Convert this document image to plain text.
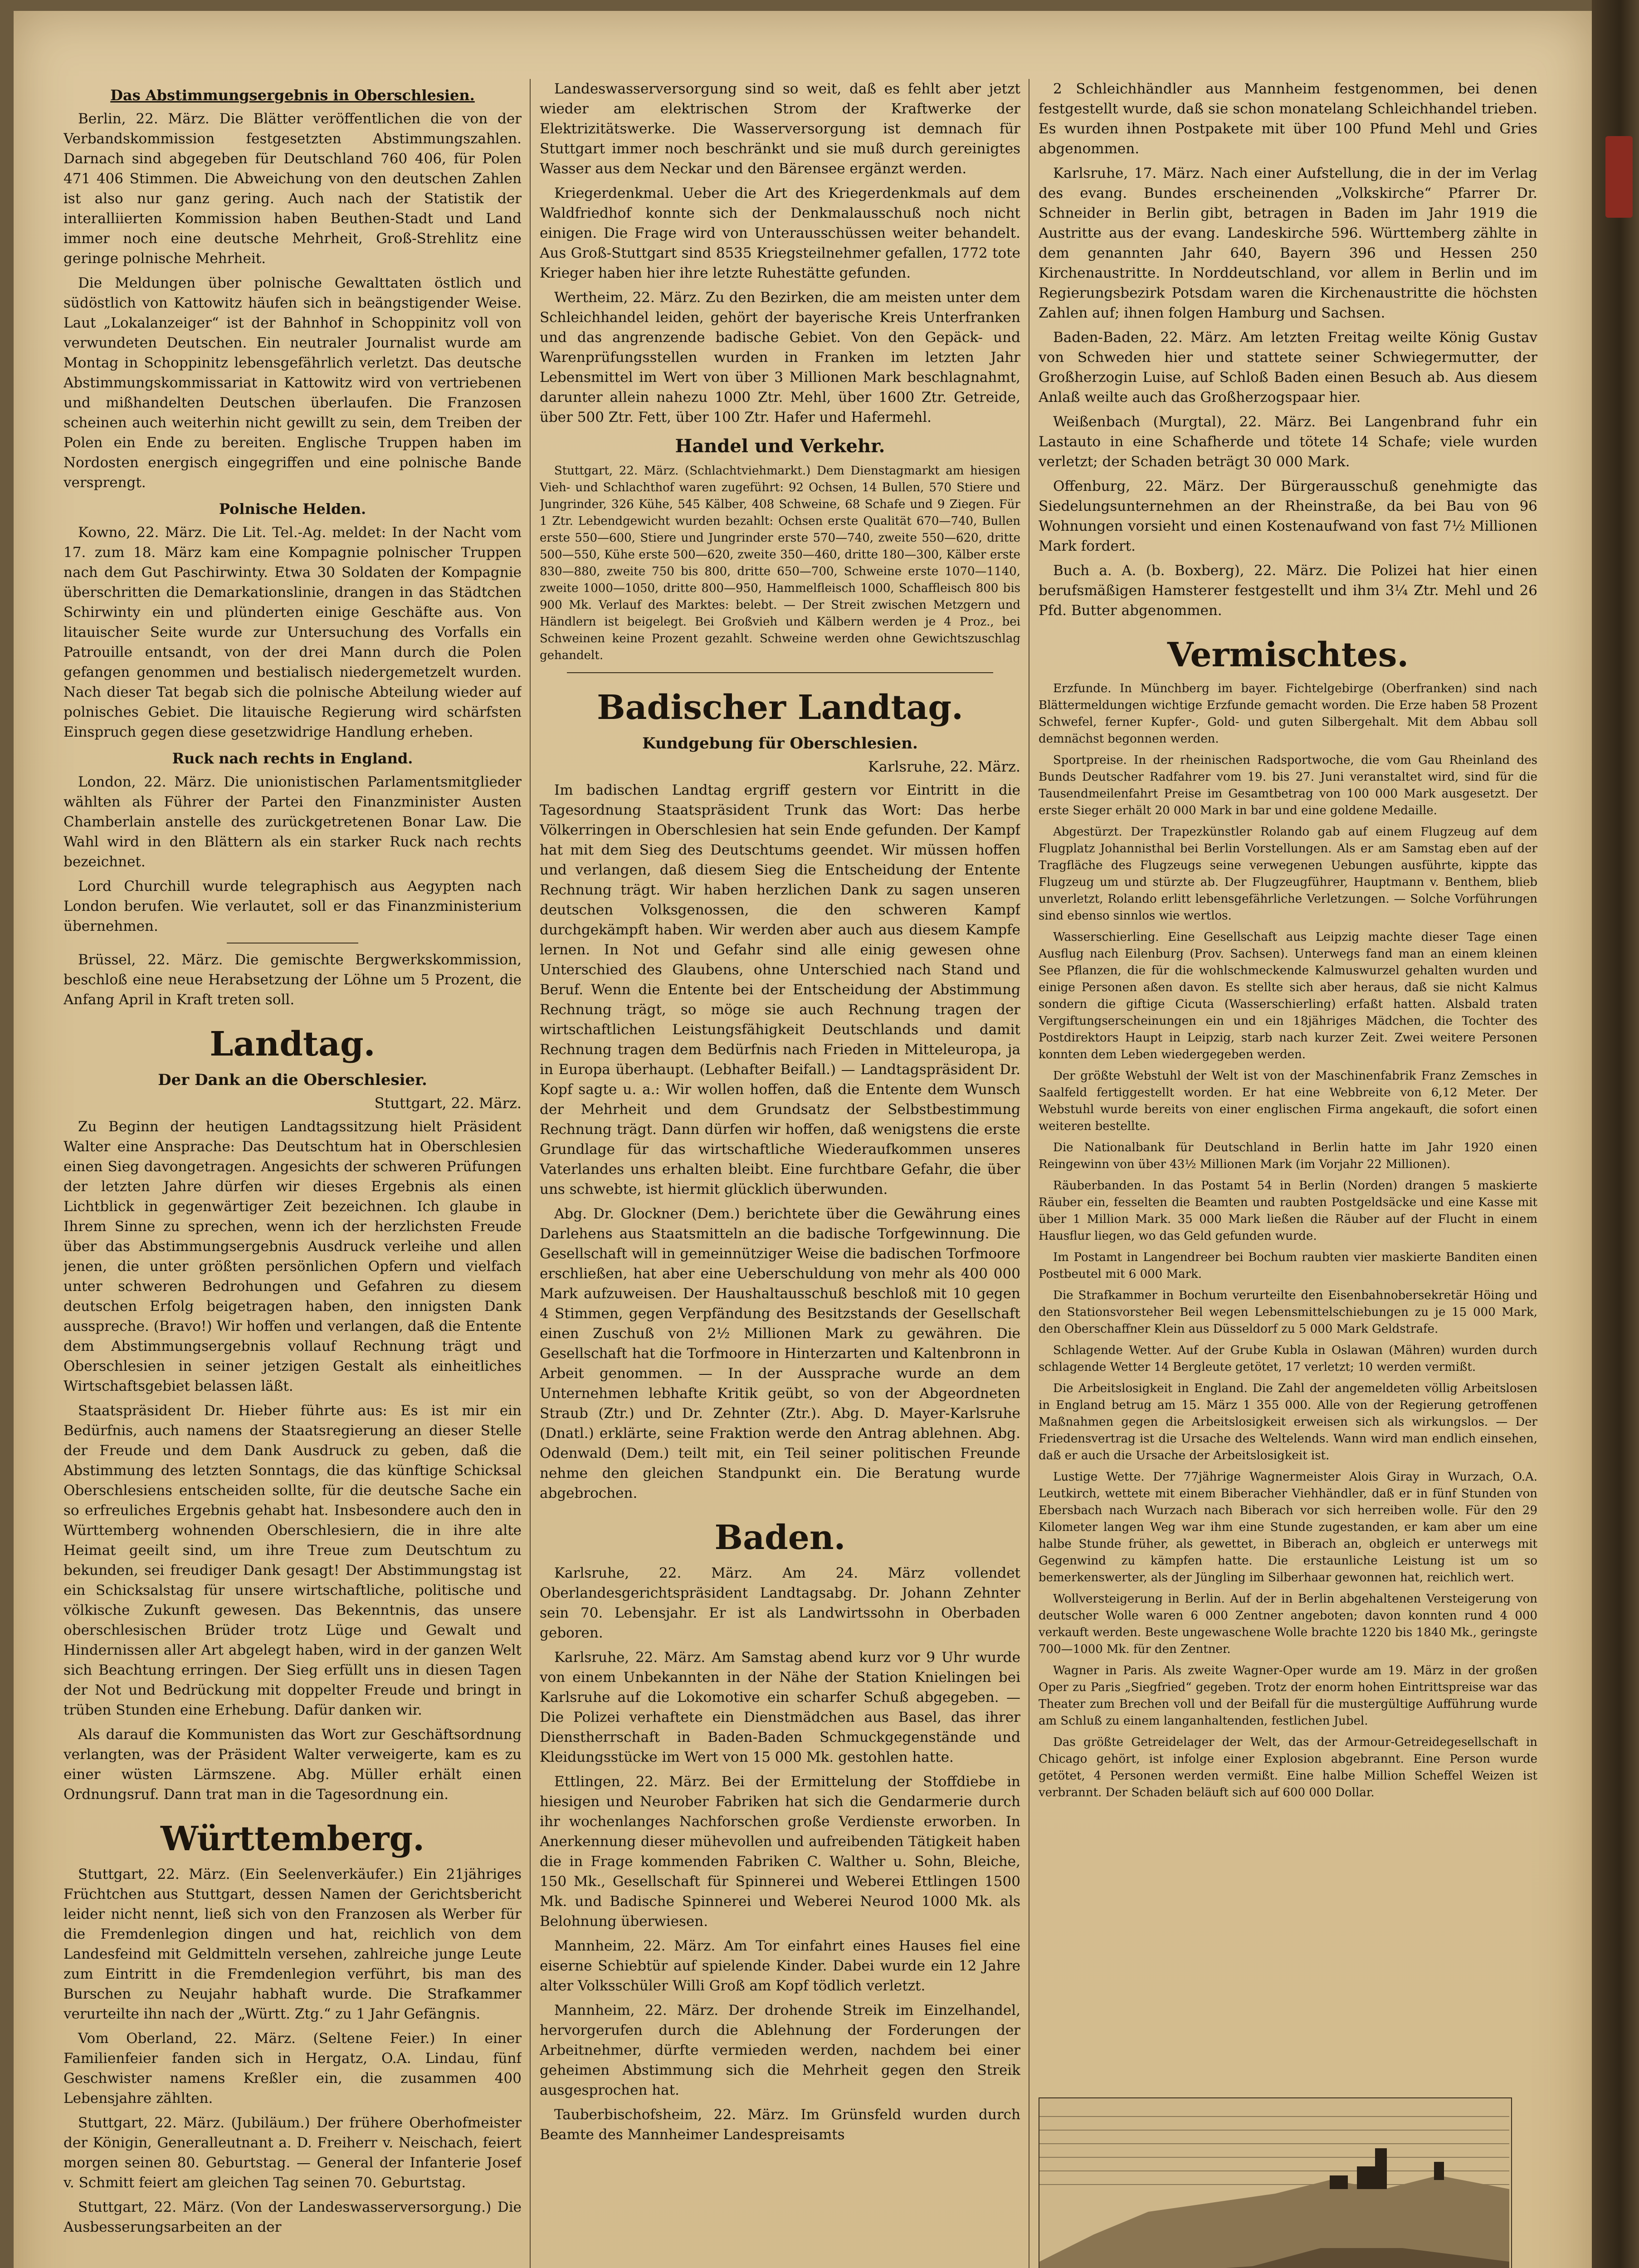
Das Abstimmungsergebnis in Oberschlesien.

Berlin, 22. März. Die Blätter veröffentlichen die von der Verbandskommission festgesetzten Abstimmungszahlen. Darnach sind abgegeben für Deutschland 760 406, für Polen 471 406 Stimmen. Die Abweichung von den deutschen Zahlen ist also nur ganz gering. Auch nach der Statistik der interalliierten Kommission haben Beuthen-Stadt und Land immer noch eine deutsche Mehrheit, Groß-Strehlitz eine geringe polnische Mehrheit.

Die Meldungen über polnische Gewalttaten östlich und südöstlich von Kattowitz häufen sich in beängstigender Weise. Laut „Lokalanzeiger“ ist der Bahnhof in Schoppinitz voll von verwundeten Deutschen. Ein neutraler Journalist wurde am Montag in Schoppinitz lebensgefährlich verletzt. Das deutsche Abstimmungskommissariat in Kattowitz wird von vertriebenen und mißhandelten Deutschen überlaufen. Die Franzosen scheinen auch weiterhin nicht gewillt zu sein, dem Treiben der Polen ein Ende zu bereiten. Englische Truppen haben im Nordosten energisch eingegriffen und eine polnische Bande versprengt.

Polnische Helden.

Kowno, 22. März. Die Lit. Tel.-Ag. meldet: In der Nacht vom 17. zum 18. März kam eine Kompagnie polnischer Truppen nach dem Gut Paschirwinty. Etwa 30 Soldaten der Kompagnie überschritten die Demarkationslinie, drangen in das Städtchen Schirwinty ein und plünderten einige Geschäfte aus. Von litauischer Seite wurde zur Untersuchung des Vorfalls ein Patrouille entsandt, von der drei Mann durch die Polen gefangen genommen und bestialisch niedergemetzelt wurden. Nach dieser Tat begab sich die polnische Abteilung wieder auf polnisches Gebiet. Die litauische Regierung wird schärfsten Einspruch gegen diese gesetzwidrige Handlung erheben.

Ruck nach rechts in England.

London, 22. März. Die unionistischen Parlamentsmitglieder wählten als Führer der Partei den Finanzminister Austen Chamberlain anstelle des zurückgetretenen Bonar Law. Die Wahl wird in den Blättern als ein starker Ruck nach rechts bezeichnet.

Lord Churchill wurde telegraphisch aus Aegypten nach London berufen. Wie verlautet, soll er das Finanzministerium übernehmen.

Brüssel, 22. März. Die gemischte Bergwerkskommission, beschloß eine neue Herabsetzung der Löhne um 5 Prozent, die Anfang April in Kraft treten soll.

Landtag.
Der Dank an die Oberschlesier.
Stuttgart, 22. März.

Zu Beginn der heutigen Landtagssitzung hielt Präsident Walter eine Ansprache: Das Deutschtum hat in Oberschlesien einen Sieg davongetragen. Angesichts der schweren Prüfungen der letzten Jahre dürfen wir dieses Ergebnis als einen Lichtblick in gegenwärtiger Zeit bezeichnen. Ich glaube in Ihrem Sinne zu sprechen, wenn ich der herzlichsten Freude über das Abstimmungsergebnis Ausdruck verleihe und allen jenen, die unter größten persönlichen Opfern und vielfach unter schweren Bedrohungen und Gefahren zu diesem deutschen Erfolg beigetragen haben, den innigsten Dank ausspreche. (Bravo!) Wir hoffen und verlangen, daß die Entente dem Abstimmungsergebnis vollauf Rechnung trägt und Oberschlesien in seiner jetzigen Gestalt als einheitliches Wirtschaftsgebiet belassen läßt.

Staatspräsident Dr. Hieber führte aus: Es ist mir ein Bedürfnis, auch namens der Staatsregierung an dieser Stelle der Freude und dem Dank Ausdruck zu geben, daß die Abstimmung des letzten Sonntags, die das künftige Schicksal Oberschlesiens entscheiden sollte, für die deutsche Sache ein so erfreuliches Ergebnis gehabt hat. Insbesondere auch den in Württemberg wohnenden Oberschlesiern, die in ihre alte Heimat geeilt sind, um ihre Treue zum Deutschtum zu bekunden, sei freudiger Dank gesagt! Der Abstimmungstag ist ein Schicksalstag für unsere wirtschaftliche, politische und völkische Zukunft gewesen. Das Bekenntnis, das unsere oberschlesischen Brüder trotz Lüge und Gewalt und Hindernissen aller Art abgelegt haben, wird in der ganzen Welt sich Beachtung erringen. Der Sieg erfüllt uns in diesen Tagen der Not und Bedrückung mit doppelter Freude und bringt in trüben Stunden eine Erhebung. Dafür danken wir.

Als darauf die Kommunisten das Wort zur Geschäftsordnung verlangten, was der Präsident Walter verweigerte, kam es zu einer wüsten Lärmszene. Abg. Müller erhält einen Ordnungsruf. Dann trat man in die Tagesordnung ein.

Württemberg.

Stuttgart, 22. März. (Ein Seelenverkäufer.) Ein 21jähriges Früchtchen aus Stuttgart, dessen Namen der Gerichtsbericht leider nicht nennt, ließ sich von den Franzosen als Werber für die Fremdenlegion dingen und hat, reichlich von dem Landesfeind mit Geldmitteln versehen, zahlreiche junge Leute zum Eintritt in die Fremdenlegion verführt, bis man des Burschen zu Neujahr habhaft wurde. Die Strafkammer verurteilte ihn nach der „Württ. Ztg.“ zu 1 Jahr Gefängnis.

Vom Oberland, 22. März. (Seltene Feier.) In einer Familienfeier fanden sich in Hergatz, O.A. Lindau, fünf Geschwister namens Kreßler ein, die zusammen 400 Lebensjahre zählten.

Stuttgart, 22. März. (Jubiläum.) Der frühere Oberhofmeister der Königin, Generalleutnant a. D. Freiherr v. Neischach, feiert morgen seinen 80. Geburtstag. — General der Infanterie Josef v. Schmitt feiert am gleichen Tag seinen 70. Geburtstag.

Stuttgart, 22. März. (Von der Landeswasserversorgung.) Die Ausbesserungsarbeiten an der

Landeswasserversorgung sind so weit, daß es fehlt aber jetzt wieder am elektrischen Strom der Kraftwerke der Elektrizitätswerke. Die Wasserversorgung ist demnach für Stuttgart immer noch beschränkt und sie muß durch gereinigtes Wasser aus dem Neckar und den Bärensee ergänzt werden.

Kriegerdenkmal. Ueber die Art des Kriegerdenkmals auf dem Waldfriedhof konnte sich der Denkmalausschuß noch nicht einigen. Die Frage wird von Unterausschüssen weiter behandelt. Aus Groß-Stuttgart sind 8535 Kriegsteilnehmer gefallen, 1772 tote Krieger haben hier ihre letzte Ruhestätte gefunden.

Wertheim, 22. März. Zu den Bezirken, die am meisten unter dem Schleichhandel leiden, gehört der bayerische Kreis Unterfranken und das angrenzende badische Gebiet. Von den Gepäck- und Warenprüfungsstellen wurden in Franken im letzten Jahr Lebensmittel im Wert von über 3 Millionen Mark beschlagnahmt, darunter allein nahezu 1000 Ztr. Mehl, über 1600 Ztr. Getreide, über 500 Ztr. Fett, über 100 Ztr. Hafer und Hafermehl.

Handel und Verkehr.

Stuttgart, 22. März. (Schlachtviehmarkt.) Dem Dienstagmarkt am hiesigen Vieh- und Schlachthof waren zugeführt: 92 Ochsen, 14 Bullen, 570 Stiere und Jungrinder, 326 Kühe, 545 Kälber, 408 Schweine, 68 Schafe und 9 Ziegen. Für 1 Ztr. Lebendgewicht wurden bezahlt: Ochsen erste Qualität 670—740, Bullen erste 550—600, Stiere und Jungrinder erste 570—740, zweite 550—620, dritte 500—550, Kühe erste 500—620, zweite 350—460, dritte 180—300, Kälber erste 830—880, zweite 750 bis 800, dritte 650—700, Schweine erste 1070—1140, zweite 1000—1050, dritte 800—950, Hammelfleisch 1000, Schaffleisch 800 bis 900 Mk. Verlauf des Marktes: belebt. — Der Streit zwischen Metzgern und Händlern ist beigelegt. Bei Großvieh und Kälbern werden je 4 Proz., bei Schweinen keine Prozent gezahlt. Schweine werden ohne Gewichtszuschlag gehandelt.

Badischer Landtag.
Kundgebung für Oberschlesien.
Karlsruhe, 22. März.

Im badischen Landtag ergriff gestern vor Eintritt in die Tagesordnung Staatspräsident Trunk das Wort: Das herbe Völkerringen in Oberschlesien hat sein Ende gefunden. Der Kampf hat mit dem Sieg des Deutschtums geendet. Wir müssen hoffen und verlangen, daß diesem Sieg die Entscheidung der Entente Rechnung trägt. Wir haben herzlichen Dank zu sagen unseren deutschen Volksgenossen, die den schweren Kampf durchgekämpft haben. Wir werden aber auch aus diesem Kampfe lernen. In Not und Gefahr sind alle einig gewesen ohne Unterschied des Glaubens, ohne Unterschied nach Stand und Beruf. Wenn die Entente bei der Entscheidung der Abstimmung Rechnung trägt, so möge sie auch Rechnung tragen der wirtschaftlichen Leistungsfähigkeit Deutschlands und damit Rechnung tragen dem Bedürfnis nach Frieden in Mitteleuropa, ja in Europa überhaupt. (Lebhafter Beifall.) — Landtagspräsident Dr. Kopf sagte u. a.: Wir wollen hoffen, daß die Entente dem Wunsch der Mehrheit und dem Grundsatz der Selbstbestimmung Rechnung trägt. Dann dürfen wir hoffen, daß wenigstens die erste Grundlage für das wirtschaftliche Wiederaufkommen unseres Vaterlandes uns erhalten bleibt. Eine furchtbare Gefahr, die über uns schwebte, ist hiermit glücklich überwunden.

Abg. Dr. Glockner (Dem.) berichtete über die Gewährung eines Darlehens aus Staatsmitteln an die badische Torfgewinnung. Die Gesellschaft will in gemeinnütziger Weise die badischen Torfmoore erschließen, hat aber eine Ueberschuldung von mehr als 400 000 Mark aufzuweisen. Der Haushaltausschuß beschloß mit 10 gegen 4 Stimmen, gegen Verpfändung des Besitzstands der Gesellschaft einen Zuschuß von 2½ Millionen Mark zu gewähren. Die Gesellschaft hat die Torfmoore in Hinterzarten und Kaltenbronn in Arbeit genommen. — In der Aussprache wurde an dem Unternehmen lebhafte Kritik geübt, so von der Abgeordneten Straub (Ztr.) und Dr. Zehnter (Ztr.). Abg. D. Mayer-Karlsruhe (Dnatl.) erklärte, seine Fraktion werde den Antrag ablehnen. Abg. Odenwald (Dem.) teilt mit, ein Teil seiner politischen Freunde nehme den gleichen Standpunkt ein. Die Beratung wurde abgebrochen.

Baden.

Karlsruhe, 22. März. Am 24. März vollendet Oberlandesgerichtspräsident Landtagsabg. Dr. Johann Zehnter sein 70. Lebensjahr. Er ist als Landwirtssohn in Oberbaden geboren.

Karlsruhe, 22. März. Am Samstag abend kurz vor 9 Uhr wurde von einem Unbekannten in der Nähe der Station Knielingen bei Karlsruhe auf die Lokomotive ein scharfer Schuß abgegeben. — Die Polizei verhaftete ein Dienstmädchen aus Basel, das ihrer Dienstherrschaft in Baden-Baden Schmuckgegenstände und Kleidungsstücke im Wert von 15 000 Mk. gestohlen hatte.

Ettlingen, 22. März. Bei der Ermittelung der Stoffdiebe in hiesigen und Neurober Fabriken hat sich die Gendarmerie durch ihr wochenlanges Nachforschen große Verdienste erworben. In Anerkennung dieser mühevollen und aufreibenden Tätigkeit haben die in Frage kommenden Fabriken C. Walther u. Sohn, Bleiche, 150 Mk., Gesellschaft für Spinnerei und Weberei Ettlingen 1500 Mk. und Badische Spinnerei und Weberei Neurod 1000 Mk. als Belohnung überwiesen.

Mannheim, 22. März. Am Tor einfahrt eines Hauses fiel eine eiserne Schiebtür auf spielende Kinder. Dabei wurde ein 12 Jahre alter Volksschüler Willi Groß am Kopf tödlich verletzt.

Mannheim, 22. März. Der drohende Streik im Einzelhandel, hervorgerufen durch die Ablehnung der Forderungen der Arbeitnehmer, dürfte vermieden werden, nachdem bei einer geheimen Abstimmung sich die Mehrheit gegen den Streik ausgesprochen hat.

Tauberbischofsheim, 22. März. Im Grünsfeld wurden durch Beamte des Mannheimer Landespreisamts

2 Schleichhändler aus Mannheim festgenommen, bei denen festgestellt wurde, daß sie schon monatelang Schleichhandel trieben. Es wurden ihnen Postpakete mit über 100 Pfund Mehl und Gries abgenommen.

Karlsruhe, 17. März. Nach einer Aufstellung, die in der im Verlag des evang. Bundes erscheinenden „Volkskirche“ Pfarrer Dr. Schneider in Berlin gibt, betragen in Baden im Jahr 1919 die Austritte aus der evang. Landeskirche 596. Württemberg zählte in dem genannten Jahr 640, Bayern 396 und Hessen 250 Kirchenaustritte. In Norddeutschland, vor allem in Berlin und im Regierungsbezirk Potsdam waren die Kirchenaustritte die höchsten Zahlen auf; ihnen folgen Hamburg und Sachsen.

Baden-Baden, 22. März. Am letzten Freitag weilte König Gustav von Schweden hier und stattete seiner Schwiegermutter, der Großherzogin Luise, auf Schloß Baden einen Besuch ab. Aus diesem Anlaß weilte auch das Großherzogspaar hier.

Weißenbach (Murgtal), 22. März. Bei Langenbrand fuhr ein Lastauto in eine Schafherde und tötete 14 Schafe; viele wurden verletzt; der Schaden beträgt 30 000 Mark.

Offenburg, 22. März. Der Bürgerausschuß genehmigte das Siedelungsunternehmen an der Rheinstraße, da bei Bau von 96 Wohnungen vorsieht und einen Kostenaufwand von fast 7½ Millionen Mark fordert.

Buch a. A. (b. Boxberg), 22. März. Die Polizei hat hier einen berufsmäßigen Hamsterer festgestellt und ihm 3¼ Ztr. Mehl und 26 Pfd. Butter abgenommen.

Vermischtes.

Erzfunde. In Münchberg im bayer. Fichtelgebirge (Oberfranken) sind nach Blättermeldungen wichtige Erzfunde gemacht worden. Die Erze haben 58 Prozent Schwefel, ferner Kupfer-, Gold- und guten Silbergehalt. Mit dem Abbau soll demnächst begonnen werden.

Sportpreise. In der rheinischen Radsportwoche, die vom Gau Rheinland des Bunds Deutscher Radfahrer vom 19. bis 27. Juni veranstaltet wird, sind für die Tausendmeilenfahrt Preise im Gesamtbetrag von 100 000 Mark ausgesetzt. Der erste Sieger erhält 20 000 Mark in bar und eine goldene Medaille.

Abgestürzt. Der Trapezkünstler Rolando gab auf einem Flugzeug auf dem Flugplatz Johannisthal bei Berlin Vorstellungen. Als er am Samstag eben auf der Tragfläche des Flugzeugs seine verwegenen Uebungen ausführte, kippte das Flugzeug um und stürzte ab. Der Flugzeugführer, Hauptmann v. Benthem, blieb unverletzt, Rolando erlitt lebensgefährliche Verletzungen. — Solche Vorführungen sind ebenso sinnlos wie wertlos.

Wasserschierling. Eine Gesellschaft aus Leipzig machte dieser Tage einen Ausflug nach Eilenburg (Prov. Sachsen). Unterwegs fand man an einem kleinen See Pflanzen, die für die wohlschmeckende Kalmuswurzel gehalten wurden und einige Personen aßen davon. Es stellte sich aber heraus, daß sie nicht Kalmus sondern die giftige Cicuta (Wasserschierling) erfaßt hatten. Alsbald traten Vergiftungserscheinungen ein und ein 18jähriges Mädchen, die Tochter des Postdirektors Haupt in Leipzig, starb nach kurzer Zeit. Zwei weitere Personen konnten dem Leben wiedergegeben werden.

Der größte Webstuhl der Welt ist von der Maschinenfabrik Franz Zemsches in Saalfeld fertiggestellt worden. Er hat eine Webbreite von 6,12 Meter. Der Webstuhl wurde bereits von einer englischen Firma angekauft, die sofort einen weiteren bestellte.

Die Nationalbank für Deutschland in Berlin hatte im Jahr 1920 einen Reingewinn von über 43½ Millionen Mark (im Vorjahr 22 Millionen).

Räuberbanden. In das Postamt 54 in Berlin (Norden) drangen 5 maskierte Räuber ein, fesselten die Beamten und raubten Postgeldsäcke und eine Kasse mit über 1 Million Mark. 35 000 Mark ließen die Räuber auf der Flucht in einem Hausflur liegen, wo das Geld gefunden wurde.

Im Postamt in Langendreer bei Bochum raubten vier maskierte Banditen einen Postbeutel mit 6 000 Mark.

Die Strafkammer in Bochum verurteilte den Eisenbahnobersekretär Höing und den Stationsvorsteher Beil wegen Lebensmittelschiebungen zu je 15 000 Mark, den Oberschaffner Klein aus Düsseldorf zu 5 000 Mark Geldstrafe.

Schlagende Wetter. Auf der Grube Kubla in Oslawan (Mähren) wurden durch schlagende Wetter 14 Bergleute getötet, 17 verletzt; 10 werden vermißt.

Die Arbeitslosigkeit in England. Die Zahl der angemeldeten völlig Arbeitslosen in England betrug am 15. März 1 355 000. Alle von der Regierung getroffenen Maßnahmen gegen die Arbeitslosigkeit erweisen sich als wirkungslos. — Der Friedensvertrag ist die Ursache des Weltelends. Wann wird man endlich einsehen, daß er auch die Ursache der Arbeitslosigkeit ist.

Lustige Wette. Der 77jährige Wagnermeister Alois Giray in Wurzach, O.A. Leutkirch, wettete mit einem Biberacher Viehhändler, daß er in fünf Stunden von Ebersbach nach Wurzach nach Biberach vor sich herreiben wolle. Für den 29 Kilometer langen Weg war ihm eine Stunde zugestanden, er kam aber um eine halbe Stunde früher, als gewettet, in Biberach an, obgleich er unterwegs mit Gegenwind zu kämpfen hatte. Die erstaunliche Leistung ist um so bemerkenswerter, als der Jüngling im Silberhaar gewonnen hat, reichlich wert.

Wollversteigerung in Berlin. Auf der in Berlin abgehaltenen Versteigerung von deutscher Wolle waren 6 000 Zentner angeboten; davon konnten rund 4 000 verkauft werden. Beste ungewaschene Wolle brachte 1220 bis 1840 Mk., geringste 700—1000 Mk. für den Zentner.

Wagner in Paris. Als zweite Wagner-Oper wurde am 19. März in der großen Oper zu Paris „Siegfried“ gegeben. Trotz der enorm hohen Eintrittspreise war das Theater zum Brechen voll und der Beifall für die mustergültige Aufführung wurde am Schluß zu einem langanhaltenden, festlichen Jubel.

Das größte Getreidelager der Welt, das der Armour-Getreidegesellschaft in Chicago gehört, ist infolge einer Explosion abgebrannt. Eine Person wurde getötet, 4 Personen werden vermißt. Eine halbe Million Scheffel Weizen ist verbrannt. Der Schaden beläuft sich auf 600 000 Dollar.
